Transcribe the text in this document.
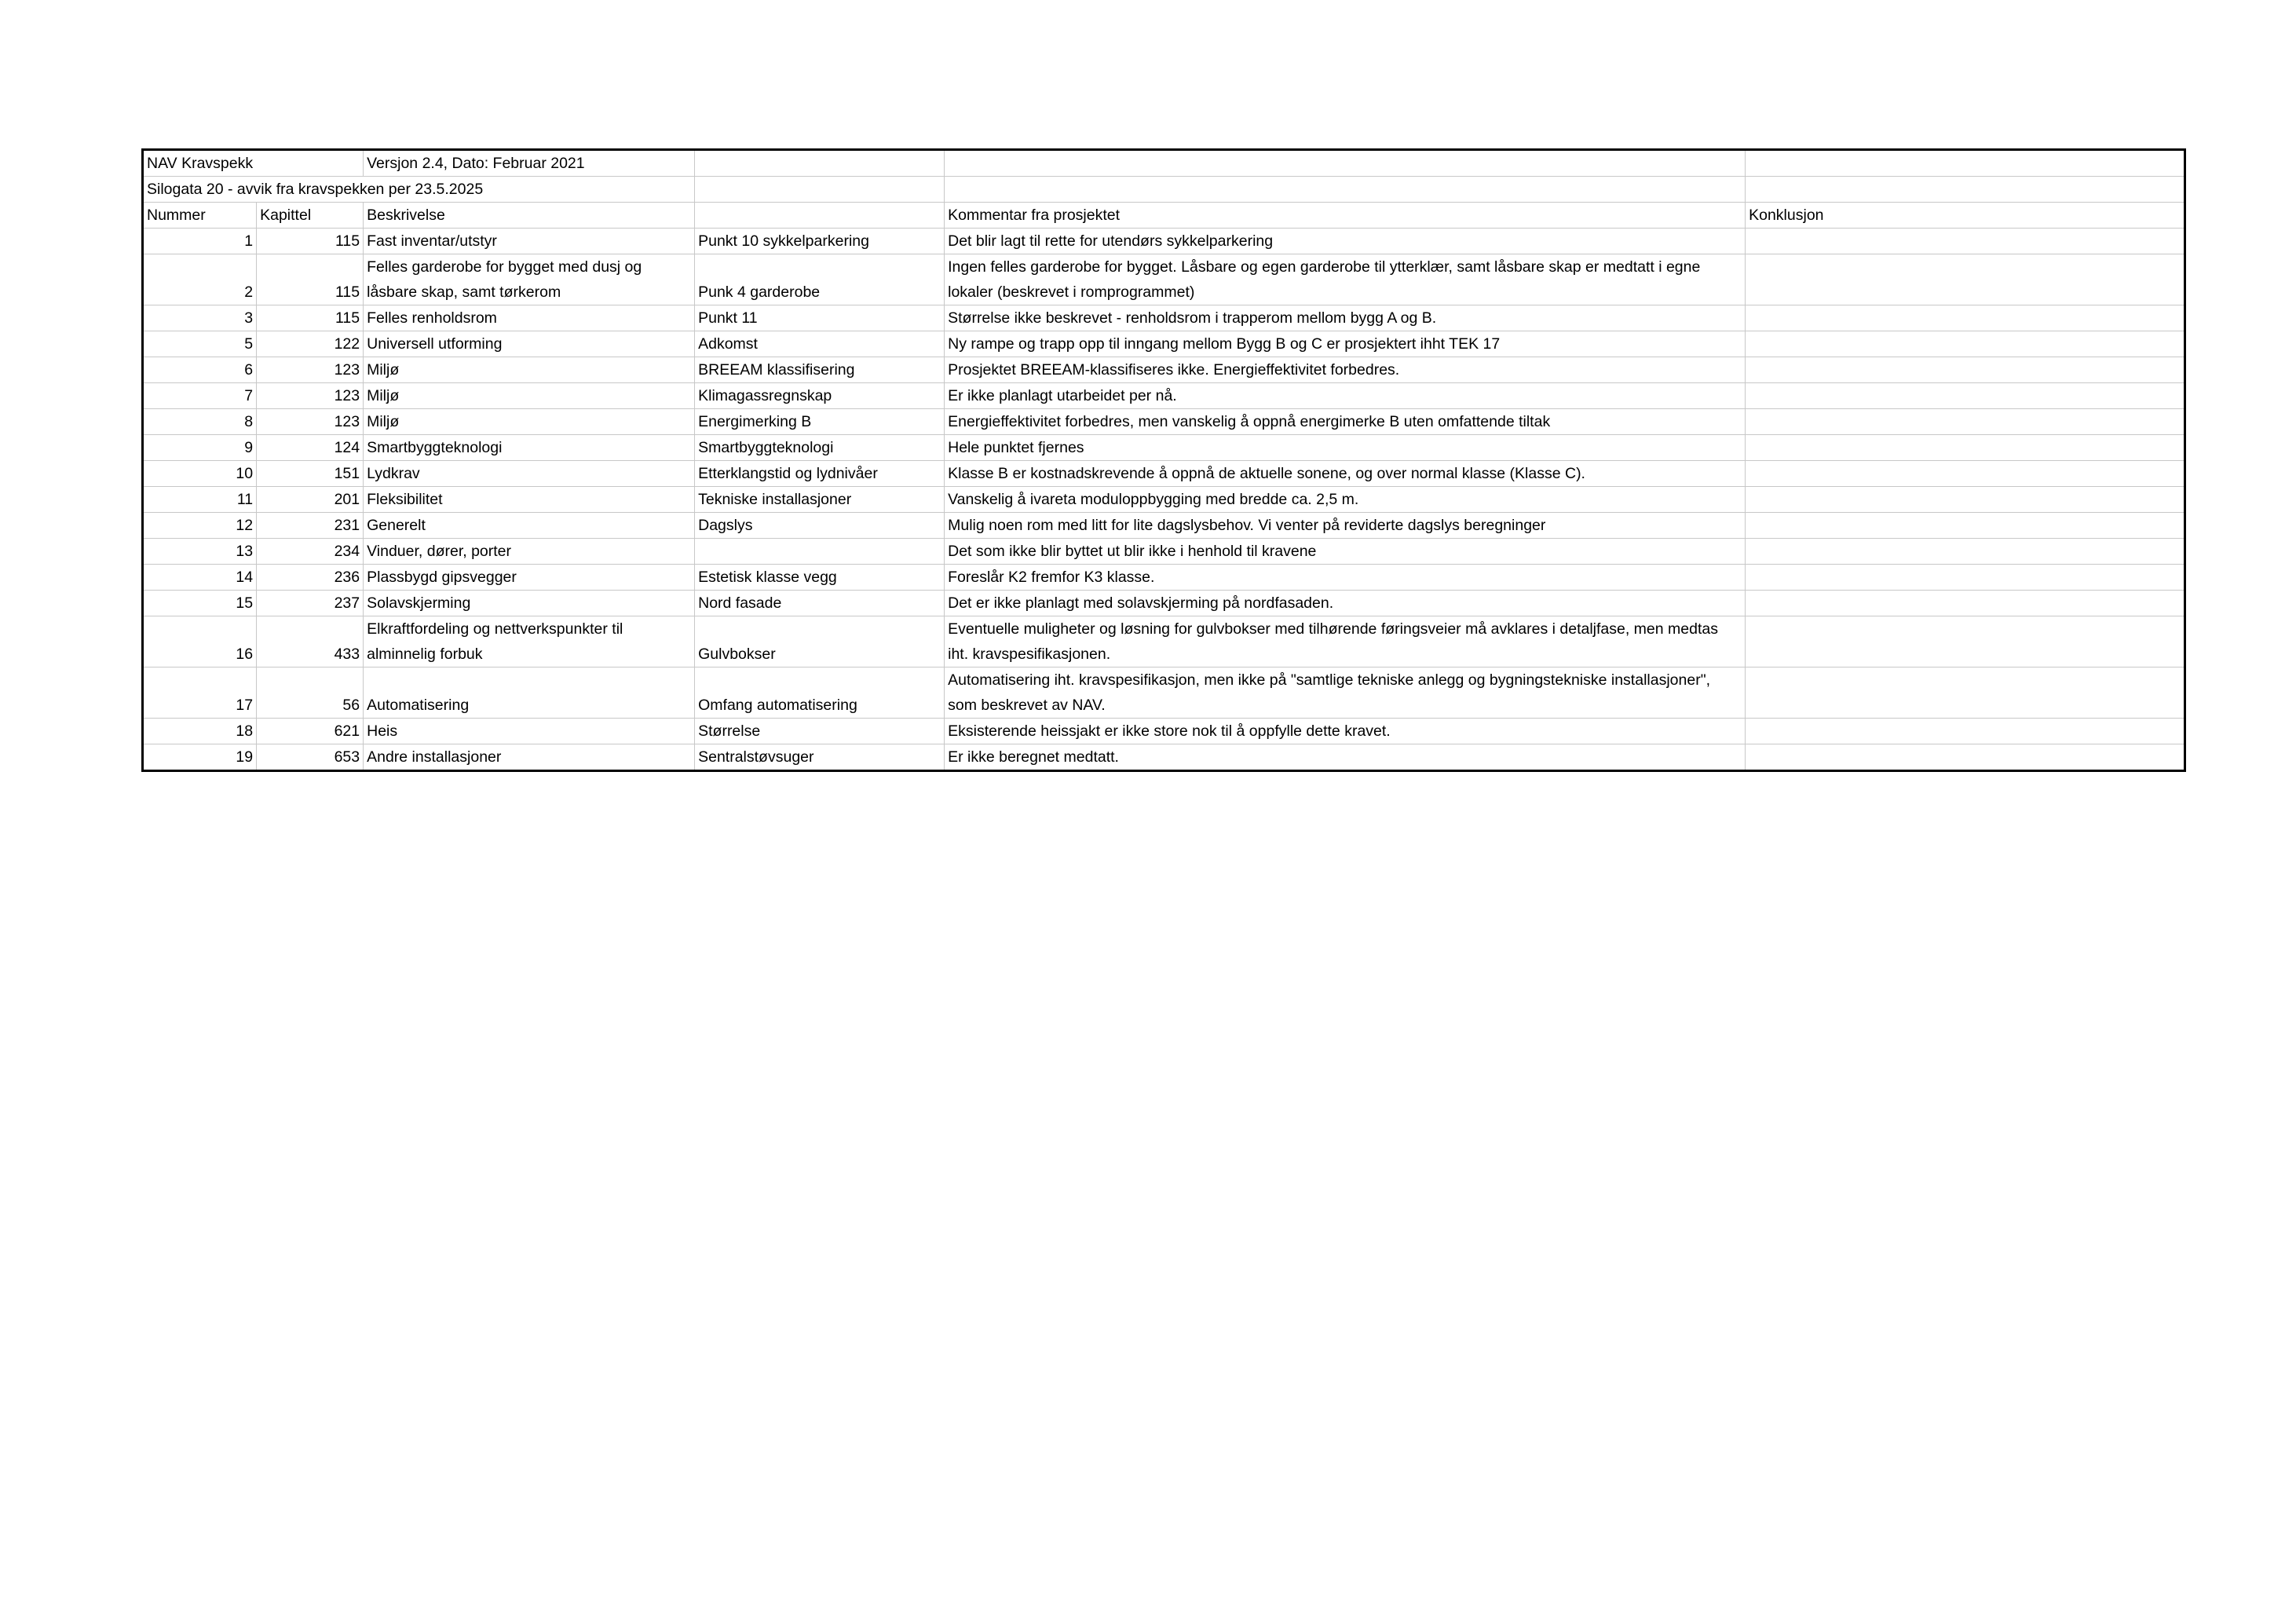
NAV Kravspekk		Versjon 2.4, Dato: Februar 2021			
Silogata 20 - avvik fra kravspekken per 23.5.2025					
Nummer	Kapittel	Beskrivelse		Kommentar fra prosjektet	Konklusjon
1	115	Fast inventar/utstyr	Punkt 10 sykkelparkering	Det blir lagt til rette for utendørs sykkelparkering	
2	115	Felles garderobe for bygget med dusj og låsbare skap, samt tørkerom	Punk 4 garderobe	Ingen felles garderobe for bygget. Låsbare og egen garderobe til ytterklær, samt låsbare skap er medtatt i egne lokaler (beskrevet i romprogrammet)	
3	115	Felles renholdsrom	Punkt 11	Størrelse ikke beskrevet - renholdsrom i trapperom mellom bygg A og B.	
5	122	Universell utforming	Adkomst	Ny rampe og trapp opp til inngang mellom Bygg B og C er prosjektert ihht TEK 17	
6	123	Miljø	BREEAM klassifisering	Prosjektet BREEAM-klassifiseres ikke. Energieffektivitet forbedres.	
7	123	Miljø	Klimagassregnskap	Er ikke planlagt utarbeidet per nå.	
8	123	Miljø	Energimerking B	Energieffektivitet forbedres, men vanskelig å oppnå energimerke B uten omfattende tiltak	
9	124	Smartbyggteknologi	Smartbyggteknologi	Hele punktet fjernes	
10	151	Lydkrav	Etterklangstid og lydnivåer	Klasse B er kostnadskrevende å oppnå de aktuelle sonene, og over normal klasse (Klasse C).	
11	201	Fleksibilitet	Tekniske installasjoner	Vanskelig å ivareta moduloppbygging med bredde ca. 2,5 m.	
12	231	Generelt	Dagslys	Mulig noen rom med litt for lite dagslysbehov. Vi venter på reviderte dagslys beregninger	
13	234	Vinduer, dører, porter		Det som ikke blir byttet ut blir ikke i henhold til kravene	
14	236	Plassbygd gipsvegger	Estetisk klasse vegg	Foreslår K2 fremfor K3 klasse.	
15	237	Solavskjerming	Nord fasade	Det er ikke planlagt med solavskjerming på nordfasaden.	
16	433	Elkraftfordeling og nettverkspunkter til alminnelig forbuk	Gulvbokser	Eventuelle muligheter og løsning for gulvbokser med tilhørende føringsveier må avklares i detaljfase, men medtas iht. kravspesifikasjonen.	
17	56	Automatisering	Omfang automatisering	Automatisering iht. kravspesifikasjon, men ikke på "samtlige tekniske anlegg og bygningstekniske installasjoner", som beskrevet av NAV.	
18	621	Heis	Størrelse	Eksisterende heissjakt er ikke store nok til å oppfylle dette kravet.	
19	653	Andre installasjoner	Sentralstøvsuger	Er ikke beregnet medtatt.	
